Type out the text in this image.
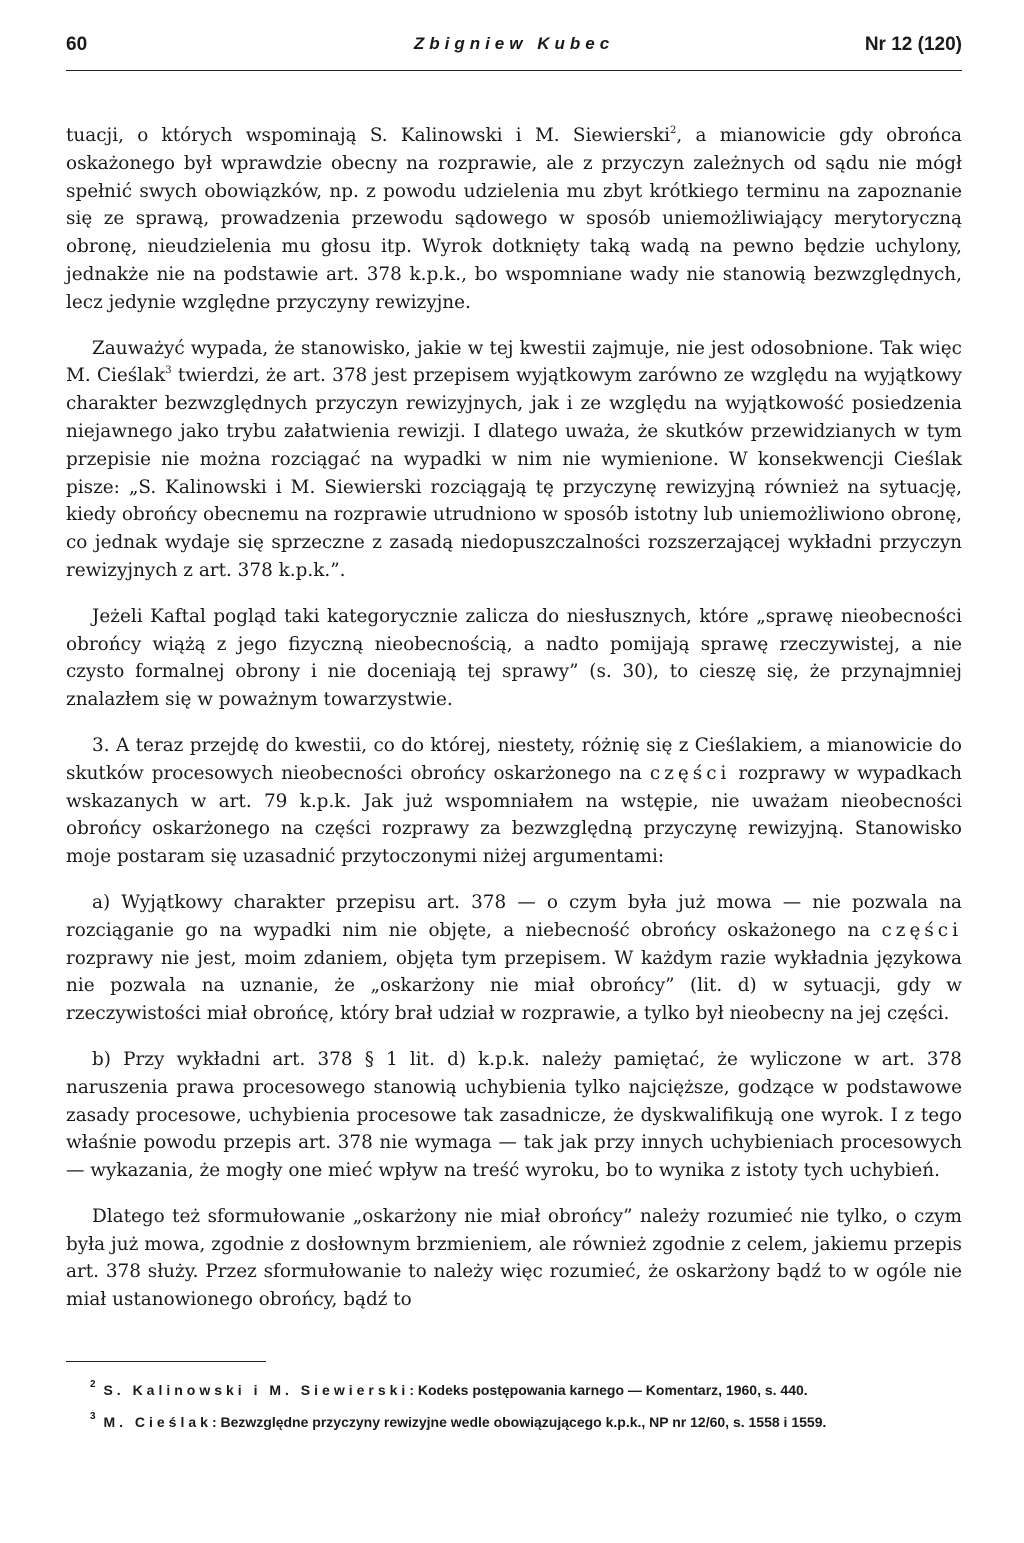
60	Zbigniew Kubec	Nr 12 (120)

tuacji, o których wspominają S. Kalinowski i M. Siewierski$^2$, a mianowicie gdy obrońca oskażonego był wprawdzie obecny na rozprawie, ale z przyczyn zależnych od sądu nie mógł spełnić swych obowiązków, np. z powodu udzielenia mu zbyt krótkiego terminu na zapoznanie się ze sprawą, prowadzenia przewodu sądowego w sposób uniemożliwiający merytoryczną obronę, nieudzielenia mu głosu itp. Wyrok dotknięty taką wadą na pewno będzie uchylony, jednakże nie na podstawie art. 378 k.p.k., bo wspomniane wady nie stanowią bezwzględnych, lecz jedynie względne przyczyny rewizyjne.

Zauważyć wypada, że stanowisko, jakie w tej kwestii zajmuje, nie jest odosobnione. Tak więc M. Cieślak$^3$ twierdzi, że art. 378 jest przepisem wyjątkowym zarówno ze względu na wyjątkowy charakter bezwzględnych przyczyn rewizyjnych, jak i ze względu na wyjątkowość posiedzenia niejawnego jako trybu załatwienia rewizji. I dlatego uważa, że skutków przewidzianych w tym przepisie nie można rozciągać na wypadki w nim nie wymienione. W konsekwencji Cieślak pisze: „S. Kalinowski i M. Siewierski rozciągają tę przyczynę rewizyjną również na sytuację, kiedy obrońcy obecnemu na rozprawie utrudniono w sposób istotny lub uniemożliwiono obronę, co jednak wydaje się sprzeczne z zasadą niedopuszczalności rozszerzającej wykładni przyczyn rewizyjnych z art. 378 k.p.k.”.

Jeżeli Kaftal pogląd taki kategorycznie zalicza do niesłusznych, które „sprawę nieobecności obrońcy wiążą z jego fizyczną nieobecnością, a nadto pomijają sprawę rzeczywistej, a nie czysto formalnej obrony i nie doceniają tej sprawy” (s. 30), to cieszę się, że przynajmniej znalazłem się w poważnym towarzystwie.

3. A teraz przejdę do kwestii, co do której, niestety, różnię się z Cieślakiem, a mianowicie do skutków procesowych nieobecności obrońcy oskarżonego na części rozprawy w wypadkach wskazanych w art. 79 k.p.k. Jak już wspomniałem na wstępie, nie uważam nieobecności obrońcy oskarżonego na części rozprawy za bezwzględną przyczynę rewizyjną. Stanowisko moje postaram się uzasadnić przytoczonymi niżej argumentami:

a) Wyjątkowy charakter przepisu art. 378 — o czym była już mowa — nie pozwala na rozciąganie go na wypadki nim nie objęte, a niebecność obrońcy oskażonego na części rozprawy nie jest, moim zdaniem, objęta tym przepisem. W każdym razie wykładnia językowa nie pozwala na uznanie, że „oskarżony nie miał obrońcy” (lit. d) w sytuacji, gdy w rzeczywistości miał obrońcę, który brał udział w rozprawie, a tylko był nieobecny na jej części.

b) Przy wykładni art. 378 § 1 lit. d) k.p.k. należy pamiętać, że wyliczone w art. 378 naruszenia prawa procesowego stanowią uchybienia tylko najcięższe, godzące w podstawowe zasady procesowe, uchybienia procesowe tak zasadnicze, że dyskwalifikują one wyrok. I z tego właśnie powodu przepis art. 378 nie wymaga — tak jak przy innych uchybieniach procesowych — wykazania, że mogły one mieć wpływ na treść wyroku, bo to wynika z istoty tych uchybień.

Dlatego też sformułowanie „oskarżony nie miał obrońcy” należy rozumieć nie tylko, o czym była już mowa, zgodnie z dosłownym brzmieniem, ale również zgodnie z celem, jakiemu przepis art. 378 służy. Przez sformułowanie to należy więc rozumieć, że oskarżony bądź to w ogóle nie miał ustanowionego obrońcy, bądź to

$^2$ S. Kalinowski i M. Siewierski: Kodeks postępowania karnego — Komentarz, 1960, s. 440.

$^3$ M. Cieślak: Bezwzględne przyczyny rewizyjne wedle obowiązującego k.p.k., NP nr 12/60, s. 1558 i 1559.
